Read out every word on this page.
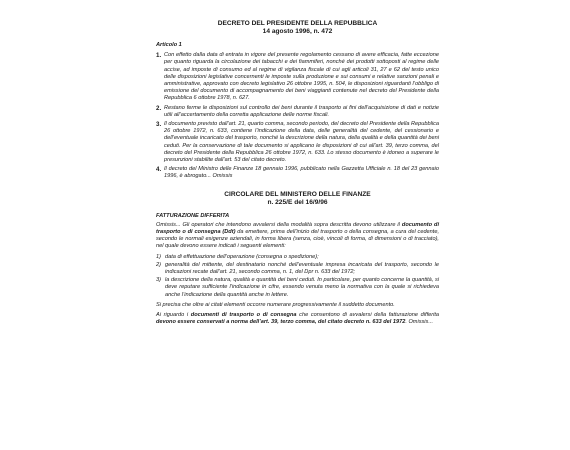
DECRETO DEL PRESIDENTE DELLA REPUBBLICA
14 agosto 1996, n. 472
Articolo 1
1. Con effetto dalla data di entrata in vigore del presente regolamento cessano di avere efficacia, fatte eccezione per quanto riguarda la circolazione dei tabacchi e dei fiammiferi, nonché dei prodotti sottoposti al regime delle accise, ad imposte di consumo ed al regime di vigilanza fiscale di cui agli articoli 31, 27 e 62 del testo unico delle disposizioni legislative concernenti le imposte sulla produzione e sui consumi e relative sanzioni penali e amministrative, approvato con decreto legislativo 26 ottobre 1995, n. 504, le disposizioni riguardanti l’obbligo di emissione del documento di accompagnamento dei beni viaggianti contenute nel decreto del Presidente della Repubblica 6 ottobre 1978, n. 627.
2. Restano ferme le disposizioni sul controllo dei beni durante il trasporto ai fini dell’acquisizione di dati e notizie utili all’accertamento della corretta applicazione delle norme fiscali.
3. Il documento previsto dall’art. 21, quarto comma, secondo periodo, del decreto del Presidente della Repubblica 26 ottobre 1972, n. 633, contiene l’indicazione della data, delle generalità del cedente, del cessionario e dell’eventuale incaricato del trasporto, nonché la descrizione della natura, della qualità e della quantità dei beni ceduti. Per la conservazione di tale documento si applicano le disposizioni di cui all’art. 39, terzo comma, del decreto del Presidente della Repubblica 26 ottobre 1972, n. 633. Lo stesso documento è idoneo a superare le presunzioni stabilite dall’art. 53 del citato decreto.
4. Il decreto del Ministro delle Finanze 18 gennaio 1996, pubblicato nella Gazzetta Ufficiale n. 18 del 23 gennaio 1996, è abrogato... Omissis
CIRCOLARE DEL MINISTERO DELLE FINANZE
n. 225/E del 16/9/96
FATTURAZIONE DIFFERITA

Omissis... Gli operatori che intendono avvalersi della modalità sopra descritta devono utilizzare il documento di trasporto o di consegna (Ddt) da emettere, prima dell’inizio del trasporto o della consegna, a cura del cedente, secondo le normali esigenze aziendali, in forma libera (senza, cioè, vincoli di forma, di dimensioni o di tracciato), nel quale devono essere indicati i seguenti elementi:

1) data di effettuazione dell’operazione (consegna o spedizione);
2) generalità del mittente, del destinatario nonché dell’eventuale impresa incaricata del trasporto, secondo le indicazioni recate dall’art. 21, secondo comma, n. 1, del Dpr n. 633 del 1972;
3) la descrizione della natura, qualità e quantità dei beni ceduti. In particolare, per quanto concerne la quantità, si deve reputare sufficiente l’indicazione in cifre, essendo venuta meno la normativa con la quale si richiedeva anche l’indicazione della quantità anche in lettere.

Si precisa che oltre ai citati elementi occorre numerare progressivamente il suddetto documento.

Ai riguardo i documenti di trasporto o di consegna che consentono di avvalersi della fatturazione differita devono essere conservati a norma dell’art. 39, terzo comma, del citato decreto n. 633 del 1972. Omissis...
